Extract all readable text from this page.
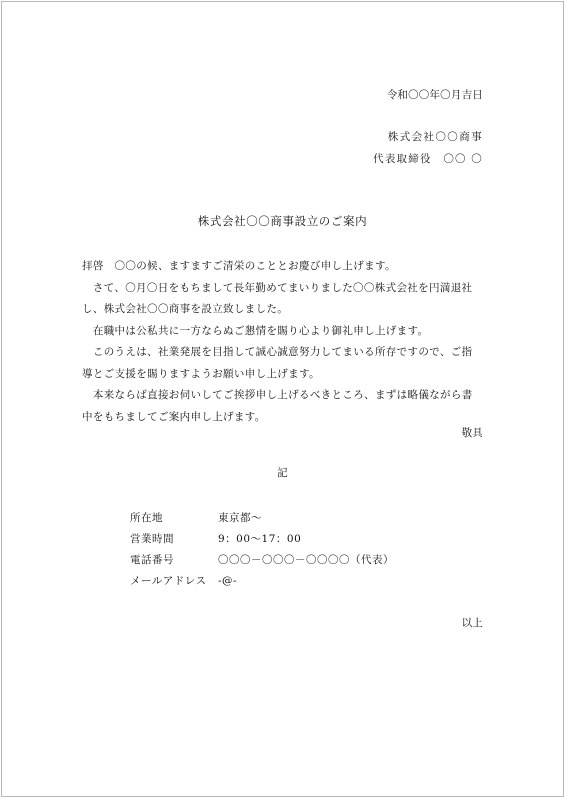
令和〇〇年〇月吉日
株式会社〇〇商事
代表取締役　〇〇 〇
株式会社〇〇商事設立のご案内

拝啓　〇〇の候、ますますご清栄のこととお慶び申し上げます。

　さて、〇月〇日をもちまして長年勤めてまいりました〇〇株式会社を円満退社

し、株式会社〇〇商事を設立致しました。

　在職中は公私共に一方ならぬご懇情を賜り心より御礼申し上げます。

　このうえは、社業発展を目指して誠心誠意努力してまいる所存ですので、ご指

導とご支援を賜りますようお願い申し上げます。

　本来ならば直接お伺いしてご挨拶申し上げるべきところ、まずは略儀ながら書

中をもちましてご案内申し上げます。

敬具
記
所在地	東京都～
営業時間	9：00～17：00
電話番号	〇〇〇－〇〇〇－〇〇〇〇（代表）
メールアドレス -@-
以上
